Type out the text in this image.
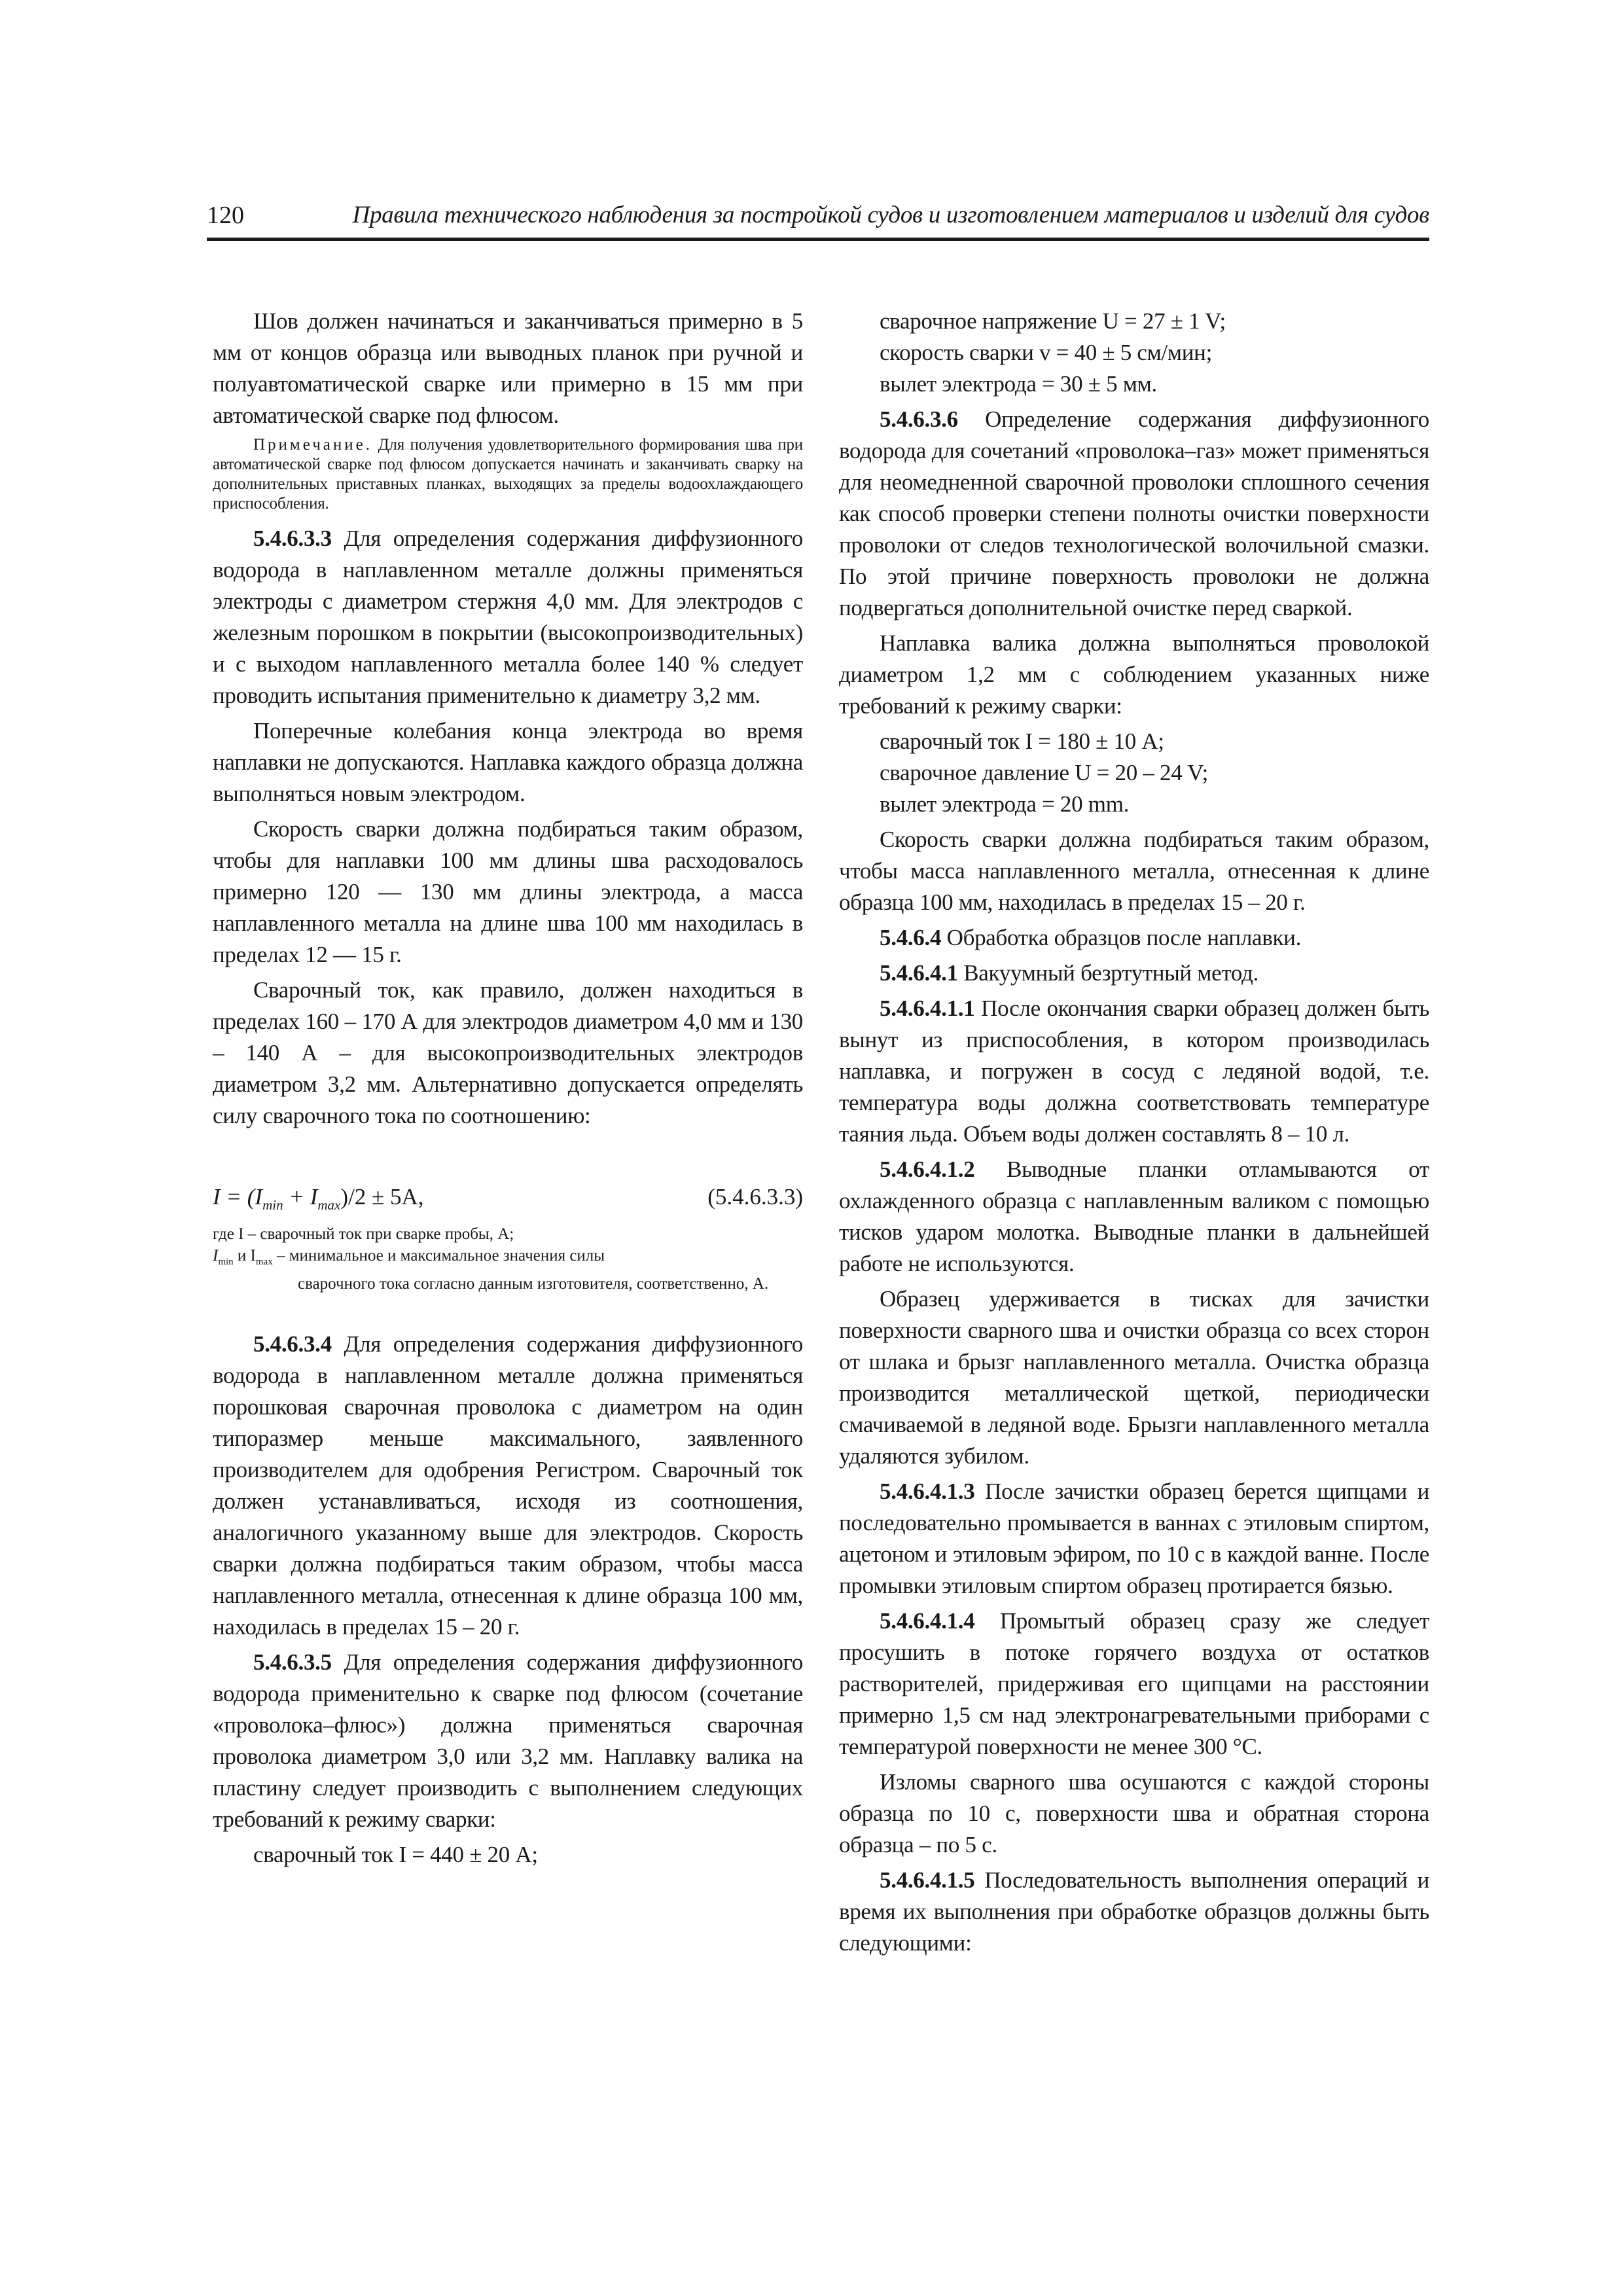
120	Правила технического наблюдения за постройкой судов и изготовлением материалов и изделий для судов

Шов должен начинаться и заканчиваться примерно в 5 мм от концов образца или выводных планок при ручной и полуавтоматической сварке или примерно в 15 мм при автоматической сварке под флюсом.

Примечание. Для получения удовлетворительного формирования шва при автоматической сварке под флюсом допускается начинать и заканчивать сварку на дополнительных приставных планках, выходящих за пределы водоохлаждающего приспособления.

5.4.6.3.3 Для определения содержания диффузионного водорода в наплавленном металле должны применяться электроды с диаметром стержня 4,0 мм. Для электродов с железным порошком в покрытии (высокопроизводительных) и с выходом наплавленного металла более 140 % следует проводить испытания применительно к диаметру 3,2 мм.

Поперечные колебания конца электрода во время наплавки не допускаются. Наплавка каждого образца должна выполняться новым электродом.

Скорость сварки должна подбираться таким образом, чтобы для наплавки 100 мм длины шва расходовалось примерно 120 — 130 мм длины электрода, а масса наплавленного металла на длине шва 100 мм находилась в пределах 12 — 15 г.

Сварочный ток, как правило, должен находиться в пределах 160 – 170 А для электродов диаметром 4,0 мм и 130 – 140 А – для высокопроизводительных электродов диаметром 3,2 мм. Альтернативно допускается определять силу сварочного тока по соотношению:

$I = (I_{min} + I_{max})/2 \pm 5A$,	(5.4.6.3.3)
где I – сварочный ток при сварке пробы, А;
$I_{min}$ и $I_{max}$ – минимальное и максимальное значения силы
сварочного тока согласно данным изготовителя, соответственно, А.

5.4.6.3.4 Для определения содержания диффузионного водорода в наплавленном металле должна применяться порошковая сварочная проволока с диаметром на один типоразмер меньше максимального, заявленного производителем для одобрения Регистром. Сварочный ток должен устанавливаться, исходя из соотношения, аналогичного указанному выше для электродов. Скорость сварки должна подбираться таким образом, чтобы масса наплавленного металла, отнесенная к длине образца 100 мм, находилась в пределах 15 – 20 г.

5.4.6.3.5 Для определения содержания диффузионного водорода применительно к сварке под флюсом (сочетание «проволока–флюс») должна применяться сварочная проволока диаметром 3,0 или 3,2 мм. Наплавку валика на пластину следует производить с выполнением следующих требований к режиму сварки:

сварочный ток I = 440 ± 20 А;

сварочное напряжение U = 27 ± 1 V;

скорость сварки v = 40 ± 5 см/мин;

вылет электрода = 30 ± 5 мм.

5.4.6.3.6 Определение содержания диффузионного водорода для сочетаний «проволока–газ» может применяться для неомедненной сварочной проволоки сплошного сечения как способ проверки степени полноты очистки поверхности проволоки от следов технологической волочильной смазки. По этой причине поверхность проволоки не должна подвергаться дополнительной очистке перед сваркой.

Наплавка валика должна выполняться проволокой диаметром 1,2 мм с соблюдением указанных ниже требований к режиму сварки:

сварочный ток I = 180 ± 10 А;

сварочное давление U = 20 – 24 V;

вылет электрода = 20 mm.

Скорость сварки должна подбираться таким образом, чтобы масса наплавленного металла, отнесенная к длине образца 100 мм, находилась в пределах 15 – 20 г.

5.4.6.4 Обработка образцов после наплавки.

5.4.6.4.1 Вакуумный безртутный метод.

5.4.6.4.1.1 После окончания сварки образец должен быть вынут из приспособления, в котором производилась наплавка, и погружен в сосуд с ледяной водой, т.е. температура воды должна соответствовать температуре таяния льда. Объем воды должен составлять 8 – 10 л.

5.4.6.4.1.2 Выводные планки отламываются от охлажденного образца с наплавленным валиком с помощью тисков ударом молотка. Выводные планки в дальнейшей работе не используются.

Образец удерживается в тисках для зачистки поверхности сварного шва и очистки образца со всех сторон от шлака и брызг наплавленного металла. Очистка образца производится металлической щеткой, периодически смачиваемой в ледяной воде. Брызги наплавленного металла удаляются зубилом.

5.4.6.4.1.3 После зачистки образец берется щипцами и последовательно промывается в ваннах с этиловым спиртом, ацетоном и этиловым эфиром, по 10 с в каждой ванне. После промывки этиловым спиртом образец протирается бязью.

5.4.6.4.1.4 Промытый образец сразу же следует просушить в потоке горячего воздуха от остатков растворителей, придерживая его щипцами на расстоянии примерно 1,5 см над электронагревательными приборами с температурой поверхности не менее 300 °С.

Изломы сварного шва осушаются с каждой стороны образца по 10 с, поверхности шва и обратная сторона образца – по 5 с.

5.4.6.4.1.5 Последовательность выполнения операций и время их выполнения при обработке образцов должны быть следующими:
